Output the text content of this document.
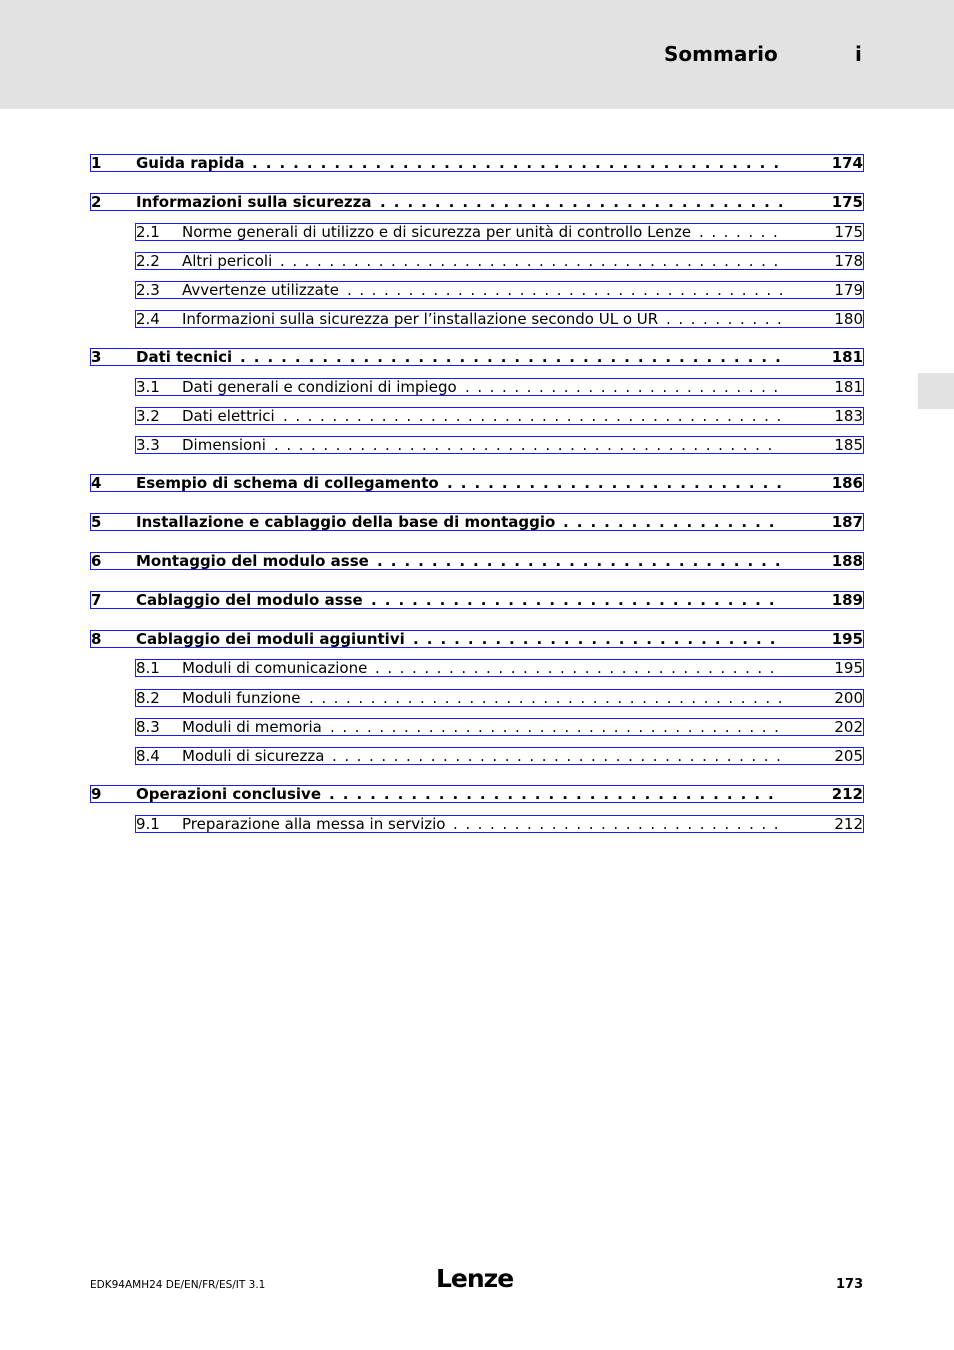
Sommario	i
. . . . . . . . . . . . . . . . . . . . . . . . . . . . . . . . . . . . . . .
1 Guida rapida	174
. . . . . . . . . . . . . . . . . . . . . . . . . . . . . .
2 Informazioni sulla sicurezza	175
. . . . . . .
2.1 Norme generali di utilizzo e di sicurezza per unità di controllo Lenze	175
. . . . . . . . . . . . . . . . . . . . . . . . . . . . . . . . . . . . . . . . .
2.2 Altri pericoli	178
. . . . . . . . . . . . . . . . . . . . . . . . . . . . . . . . . . . .
2.3 Avvertenze utilizzate	179
. . . . . . . . . .
2.4 Informazioni sulla sicurezza per l’installazione secondo UL o UR	180
. . . . . . . . . . . . . . . . . . . . . . . . . . . . . . . . . . . . . . . .
3 Dati tecnici	181
. . . . . . . . . . . . . . . . . . . . . . . . . .
3.1 Dati generali e condizioni di impiego	181
. . . . . . . . . . . . . . . . . . . . . . . . . . . . . . . . . . . . . . . . .
3.2 Dati elettrici	183
. . . . . . . . . . . . . . . . . . . . . . . . . . . . . . . . . . . . . . . . .
3.3 Dimensioni	185
. . . . . . . . . . . . . . . . . . . . . . . . .
4 Esempio di schema di collegamento	186
. . . . . . . . . . . . . . . .
5 Installazione e cablaggio della base di montaggio	187
. . . . . . . . . . . . . . . . . . . . . . . . . . . . . .
6 Montaggio del modulo asse	188
. . . . . . . . . . . . . . . . . . . . . . . . . . . . . .
7 Cablaggio del modulo asse	189
. . . . . . . . . . . . . . . . . . . . . . . . . . .
8 Cablaggio dei moduli aggiuntivi	195
. . . . . . . . . . . . . . . . . . . . . . . . . . . . . . . . .
8.1 Moduli di comunicazione	195
. . . . . . . . . . . . . . . . . . . . . . . . . . . . . . . . . . . . . . .
8.2 Moduli funzione	200
. . . . . . . . . . . . . . . . . . . . . . . . . . . . . . . . . . . . .
8.3 Moduli di memoria	202
. . . . . . . . . . . . . . . . . . . . . . . . . . . . . . . . . . . . .
8.4 Moduli di sicurezza	205
. . . . . . . . . . . . . . . . . . . . . . . . . . . . . . . . .
9 Operazioni conclusive	212
. . . . . . . . . . . . . . . . . . . . . . . . . . .
9.1 Preparazione alla messa in servizio	212
EDK94AMH24 DE/EN/FR/ES/IT 3.1	Lenze	173
